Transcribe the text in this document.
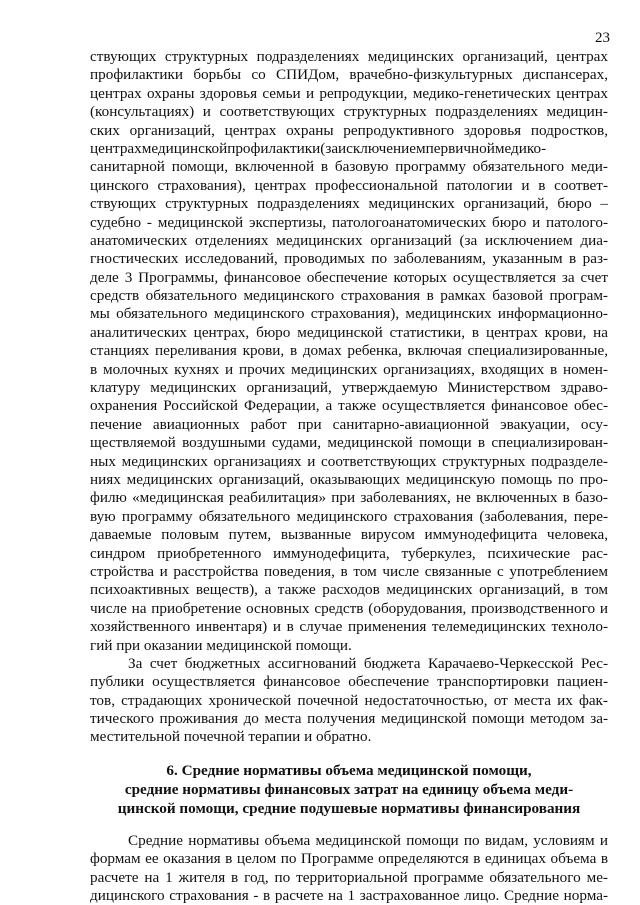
23
ствующих структурных подразделениях медицинских организаций, центрах
профилактики борьбы со СПИДом, врачебно-физкультурных диспансерах,
центрах охраны здоровья семьи и репродукции, медико-генетических центрах
(консультациях) и соответствующих структурных подразделениях медицин-
ских организаций, центрах охраны репродуктивного здоровья подростков,
центрахмедицинскойпрофилактики(заисключениемпервичноймедико-
санитарной помощи, включенной в базовую программу обязательного меди-
цинского страхования), центрах профессиональной патологии и в соответ-
ствующих структурных подразделениях медицинских организаций, бюро –
судебно - медицинской экспертизы, патологоанатомических бюро и патолого-
анатомических отделениях медицинских организаций (за исключением диа-
гностических исследований, проводимых по заболеваниям, указанным в раз-
деле 3 Программы, финансовое обеспечение которых осуществляется за счет
средств обязательного медицинского страхования в рамках базовой програм-
мы обязательного медицинского страхования), медицинских информационно-
аналитических центрах, бюро медицинской статистики, в центрах крови, на
станциях переливания крови, в домах ребенка, включая специализированные,
в молочных кухнях и прочих медицинских организациях, входящих в номен-
клатуру медицинских организаций, утверждаемую Министерством здраво-
охранения Российской Федерации, а также осуществляется финансовое обес-
печение авиационных работ при санитарно-авиационной эвакуации, осу-
ществляемой воздушными судами, медицинской помощи в специализирован-
ных медицинских организациях и соответствующих структурных подразделе-
ниях медицинских организаций, оказывающих медицинскую помощь по про-
филю «медицинская реабилитация» при заболеваниях, не включенных в базо-
вую программу обязательного медицинского страхования (заболевания, пере-
даваемые половым путем, вызванные вирусом иммунодефицита человека,
синдром приобретенного иммунодефицита, туберкулез, психические рас-
стройства и расстройства поведения, в том числе связанные с употреблением
психоактивных веществ), а также расходов медицинских организаций, в том
числе на приобретение основных средств (оборудования, производственного и
хозяйственного инвентаря) и в случае применения телемедицинских техноло-
гий при оказании медицинской помощи.
За счет бюджетных ассигнований бюджета Карачаево-Черкесской Рес-
публики осуществляется финансовое обеспечение транспортировки пациен-
тов, страдающих хронической почечной недостаточностью, от места их фак-
тического проживания до места получения медицинской помощи методом за-
местительной почечной терапии и обратно.
6. Средние нормативы объема медицинской помощи,
средние нормативы финансовых затрат на единицу объема меди-
цинской помощи, средние подушевые нормативы финансирования
Средние нормативы объема медицинской помощи по видам, условиям и
формам ее оказания в целом по Программе определяются в единицах объема в
расчете на 1 жителя в год, по территориальной программе обязательного ме-
дицинского страхования - в расчете на 1 застрахованное лицо. Средние норма-
